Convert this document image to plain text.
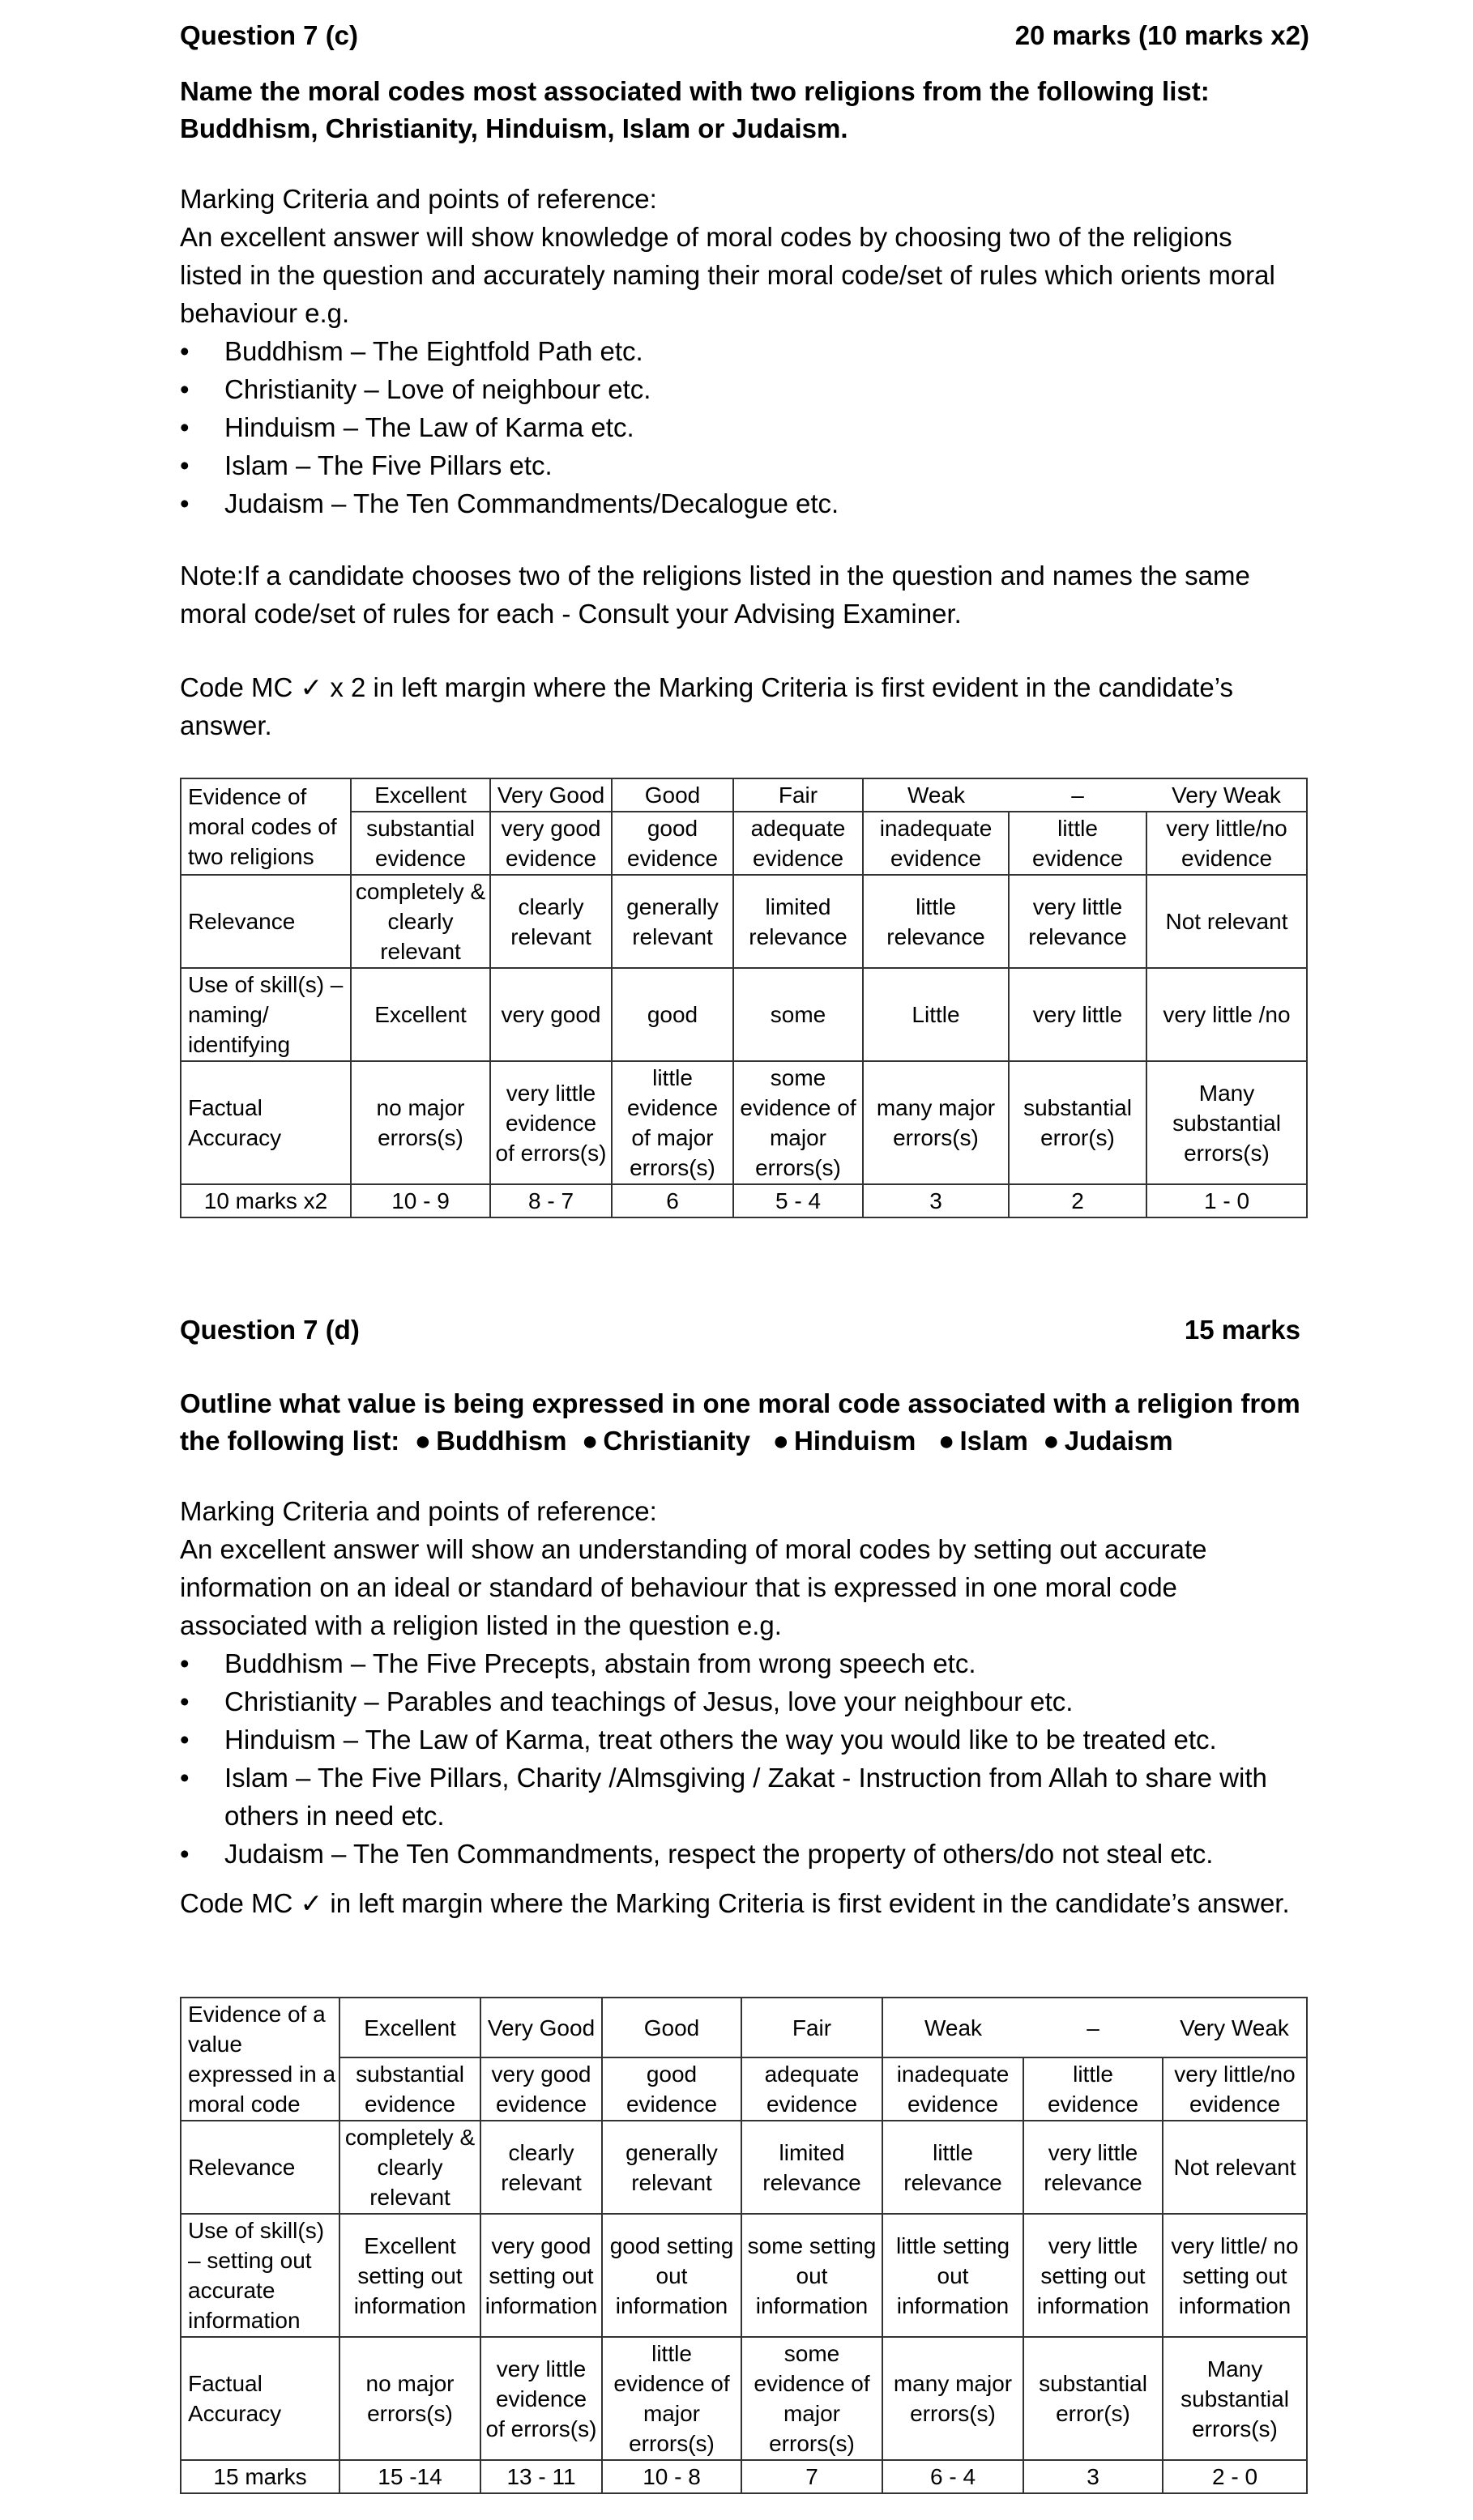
Question 7 (c)	20 marks (10 marks x2)
Name the moral codes most associated with two religions from the following list: Buddhism, Christianity, Hinduism, Islam or Judaism.
Marking Criteria and points of reference:
An excellent answer will show knowledge of moral codes by choosing two of the religions listed in the question and accurately naming their moral code/set of rules which orients moral behaviour e.g.
• Buddhism – The Eightfold Path etc.
• Christianity – Love of neighbour etc.
• Hinduism – The Law of Karma etc.
• Islam – The Five Pillars etc.
• Judaism – The Ten Commandments/Decalogue etc.
Note:If a candidate chooses two of the religions listed in the question and names the same moral code/set of rules for each - Consult your Advising Examiner.
Code MC ✓ x 2 in left margin where the Marking Criteria is first evident in the candidate’s answer.
Evidence of moral codes of two religions	Excellent	Very Good	Good	Fair	Weak	–	Very Weak
	substantial evidence	very good evidence	good evidence	adequate evidence	inadequate evidence	little evidence	very little/no evidence
Relevance	completely & clearly relevant	clearly relevant	generally relevant	limited relevance	little relevance	very little relevance	Not relevant
Use of skill(s) – naming/ identifying	Excellent	very good	good	some	Little	very little	very little /no
Factual Accuracy	no major errors(s)	very little evidence of errors(s)	little evidence of major errors(s)	some evidence of major errors(s)	many major errors(s)	substantial error(s)	Many substantial errors(s)
10 marks x2	10 - 9	8 - 7	6	5 - 4	3	2	1 - 0
Question 7 (d)	15 marks
Outline what value is being expressed in one moral code associated with a religion from the following list: ● Buddhism ● Christianity ● Hinduism ● Islam ● Judaism
Marking Criteria and points of reference:
An excellent answer will show an understanding of moral codes by setting out accurate information on an ideal or standard of behaviour that is expressed in one moral code associated with a religion listed in the question e.g.
• Buddhism – The Five Precepts, abstain from wrong speech etc.
• Christianity – Parables and teachings of Jesus, love your neighbour etc.
• Hinduism – The Law of Karma, treat others the way you would like to be treated etc.
• Islam – The Five Pillars, Charity /Almsgiving / Zakat - Instruction from Allah to share with others in need etc.
• Judaism – The Ten Commandments, respect the property of others/do not steal etc.
Code MC ✓ in left margin where the Marking Criteria is first evident in the candidate’s answer.
Evidence of a value expressed in a moral code	Excellent	Very Good	Good	Fair	Weak	–	Very Weak
	substantial evidence	very good evidence	good evidence	adequate evidence	inadequate evidence	little evidence	very little/no evidence
Relevance	completely & clearly relevant	clearly relevant	generally relevant	limited relevance	little relevance	very little relevance	Not relevant
Use of skill(s) – setting out accurate information	Excellent setting out information	very good setting out information	good setting out information	some setting out information	little setting out information	very little setting out information	very little/ no setting out information
Factual Accuracy	no major errors(s)	very little evidence of errors(s)	little evidence of major errors(s)	some evidence of major errors(s)	many major errors(s)	substantial error(s)	Many substantial errors(s)
15 marks	15 -14	13 - 11	10 - 8	7	6 - 4	3	2 - 0
